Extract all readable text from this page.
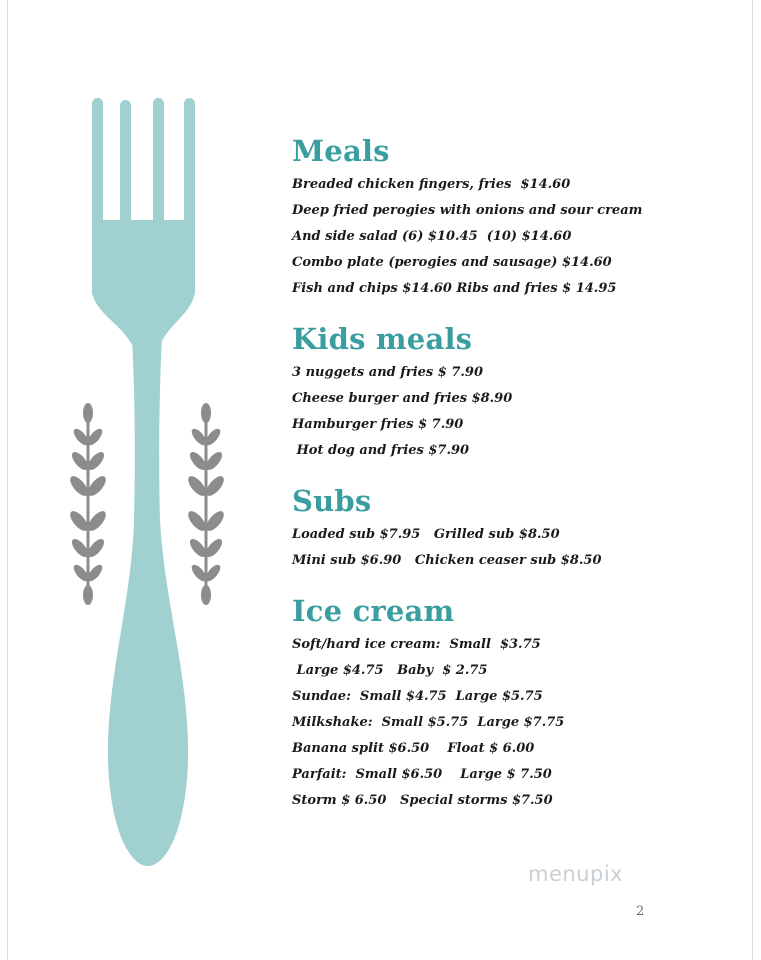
Meals
Breaded chicken fingers, fries  $14.60
Deep fried perogies with onions and sour cream
And side salad (6) $10.45  (10) $14.60
Combo plate (perogies and sausage) $14.60
Fish and chips $14.60 Ribs and fries $ 14.95
Kids meals
3 nuggets and fries $ 7.90
Cheese burger and fries $8.90
Hamburger fries $ 7.90
Hot dog and fries $7.90
Subs
Loaded sub $7.95   Grilled sub $8.50
Mini sub $6.90   Chicken ceaser sub $8.50
Ice cream
Soft/hard ice cream:  Small  $3.75
Large $4.75   Baby  $ 2.75
Sundae:  Small $4.75  Large $5.75
Milkshake:  Small $5.75  Large $7.75
Banana split $6.50    Float $ 6.00
Parfait:  Small $6.50    Large $ 7.50
Storm $ 6.50   Special storms $7.50
menupix
2
